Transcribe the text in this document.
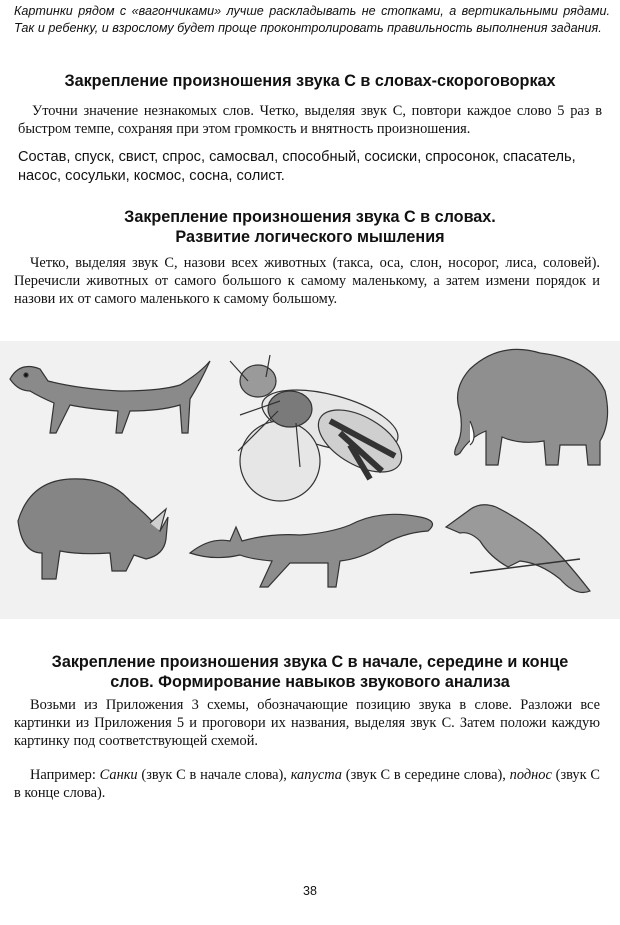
Картинки рядом с «вагончиками» лучше раскладывать не стопками, а вертикальными рядами. Так и ребенку, и взрослому будет проще проконтролировать правильность выполнения задания.

Закрепление произношения звука С в словах-скороговорках

Уточни значение незнакомых слов. Четко, выделяя звук С, повтори каждое слово 5 раз в быстром темпе, сохраняя при этом громкость и внятность произношения.

Состав, спуск, свист, спрос, самосвал, способный, сосиски, спросонок, спасатель, насос, сосульки, космос, сосна, солист.

Закрепление произношения звука С в словах.
Развитие логического мышления

Четко, выделяя звук С, назови всех животных (такса, оса, слон, носорог, лиса, соловей). Перечисли животных от самого большого к самому маленькому, а затем измени порядок и назови их от самого маленького к самому большому.

Закрепление произношения звука С в начале, середине и конце
слов. Формирование навыков звукового анализа

Возьми из Приложения 3 схемы, обозначающие позицию звука в слове. Разложи все картинки из Приложения 5 и проговори их названия, выделяя звук С. Затем положи каждую картинку под соответствующей схемой.

Например: Санки (звук С в начале слова), капуста (звук С в середине слова), поднос (звук С в конце слова).

38
